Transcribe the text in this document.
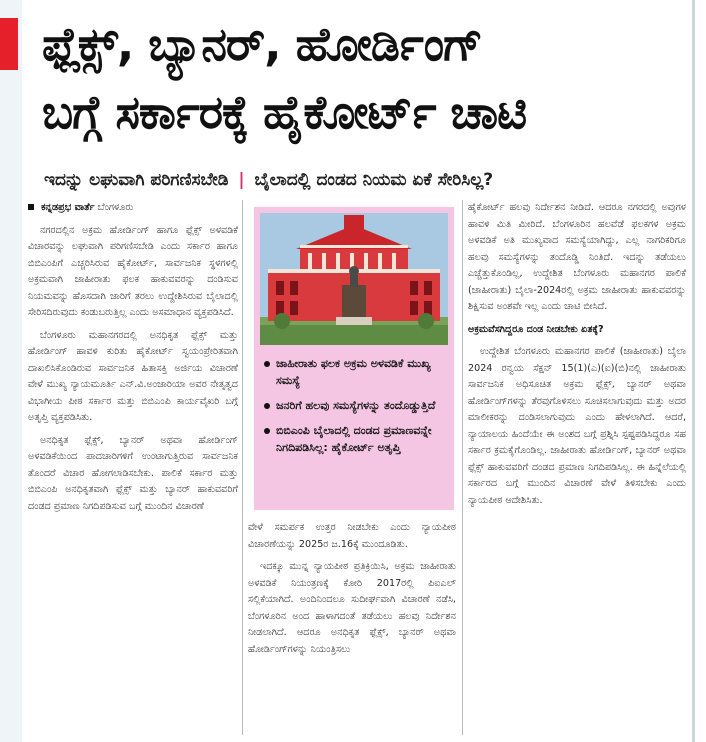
ಫ್ಲೆಕ್ಸ್, ಬ್ಯಾನರ್, ಹೋರ್ಡಿಂಗ್
ಬಗ್ಗೆ ಸರ್ಕಾರಕ್ಕೆ ಹೈಕೋರ್ಟ್ ಚಾಟಿ
ಇದನ್ನು ಲಘುವಾಗಿ ಪರಿಗಣಿಸಬೇಡಿ | ಬೈಲಾದಲ್ಲಿ ದಂಡದ ನಿಯಮ ಏಕೆ ಸೇರಿಸಿಲ್ಲ?

ಕನ್ನಡಪ್ರಭ ವಾರ್ತೆ ಬೆಂಗಳೂರು

ನಗರದಲ್ಲಿನ ಅಕ್ರಮ ಹೋರ್ಡಿಂಗ್ ಹಾಗೂ ಫ್ಲೆಕ್ಸ್ ಅಳವಡಿಕೆ ವಿಚಾರವನ್ನು ಲಘುವಾಗಿ ಪರಿಗಣಿಸಬೇಡಿ ಎಂದು ಸರ್ಕಾರ ಹಾಗೂ ಬಿಬಿಎಂಪಿಗೆ ಎಚ್ಚರಿಸಿರುವ ಹೈಕೋರ್ಟ್, ಸಾರ್ವಜನಿಕ ಸ್ಥಳಗಳಲ್ಲಿ ಅಕ್ರಮವಾಗಿ ಜಾಹೀರಾತು ಫಲಕ ಹಾಕುವವರನ್ನು ದಂಡಿಸುವ ನಿಯಮವನ್ನು ಹೊಸದಾಗಿ ಜಾರಿಗೆ ತರಲು ಉದ್ದೇಶಿಸಿರುವ ಬೈಲಾದಲ್ಲಿ ಸೇರಿಸದಿರುವುದು ಕಂಡುಬರುತ್ತಿಲ್ಲ ಎಂದು ಅಸಮಾಧಾನ ವ್ಯಕ್ತಪಡಿಸಿದೆ.

ಬೆಂಗಳೂರು ಮಹಾನಗರದಲ್ಲಿ ಅನಧಿಕೃತ ಫ್ಲೆಕ್ಸ್ ಮತ್ತು ಹೋರ್ಡಿಂಗ್ ಹಾವಳಿ ಕುರಿತು ಹೈಕೋರ್ಟ್ ಸ್ವಯಂಪ್ರೇರಿತವಾಗಿ ದಾಖಲಿಸಿಕೊಂಡಿರುವ ಸಾರ್ವಜನಿಕ ಹಿತಾಸಕ್ತಿ ಅರ್ಜಿಯ ವಿಚಾರಣೆ ವೇಳೆ ಮುಖ್ಯ ನ್ಯಾಯಮೂರ್ತಿ ಎನ್.ವಿ.ಅಂಜಾರಿಯಾ ಅವರ ನೇತೃತ್ವದ ವಿಭಾಗೀಯ ಪೀಠ ಸರ್ಕಾರ ಮತ್ತು ಬಿಬಿಎಂಪಿ ಕಾರ್ಯವೈಖರಿ ಬಗ್ಗೆ ಅತೃಪ್ತಿ ವ್ಯಕ್ತಪಡಿಸಿತು.

ಅನಧಿಕೃತ ಫ್ಲೆಕ್ಸ್, ಬ್ಯಾನರ್ ಅಥವಾ ಹೋರ್ಡಿಂಗ್ ಅಳವಡಿಕೆಯಿಂದ ಪಾದಚಾರಿಗಳಿಗೆ ಉಂಟಾಗುತ್ತಿರುವ ಸಾರ್ವಜನಿಕ ತೊಂದರೆ ವಿಚಾರ ಹೋಗಲಾಡಿಸಬೇಕು. ಪಾಲಿಕೆ ಸರ್ಕಾರ ಮತ್ತು ಬಿಬಿಎಂಪಿ ಅನಧಿಕೃತವಾಗಿ ಫ್ಲೆಕ್ಸ್ ಮತ್ತು ಬ್ಯಾನರ್ ಹಾಕುವವರಿಗೆ ದಂಡದ ಪ್ರಮಾಣ ನಿಗದಿಪಡಿಸುವ ಬಗ್ಗೆ ಮುಂದಿನ ವಿಚಾರಣೆ

ಜಾಹೀರಾತು ಫಲಕ ಅಕ್ರಮ ಅಳವಡಿಕೆ ಮುಖ್ಯ ಸಮಸ್ಯೆ
ಜನರಿಗೆ ಹಲವು ಸಮಸ್ಯೆಗಳನ್ನು ತಂದೊಡ್ಡುತ್ತಿದೆ
ಬಿಬಿಎಂಪಿ ಬೈಲಾದಲ್ಲಿ ದಂಡದ ಪ್ರಮಾಣವನ್ನೇ ನಿಗದಿಪಡಿಸಿಲ್ಲ: ಹೈಕೋರ್ಟ್ ಅತೃಪ್ತಿ

ವೇಳೆ ಸಮರ್ಪಕ ಉತ್ತರ ನೀಡಬೇಕು ಎಂದು ನ್ಯಾಯಪೀಠ ವಿಚಾರಣೆಯನ್ನು 2025ರ ಜ.16ಕ್ಕೆ ಮುಂದೂಡಿತು.

ಇದಕ್ಕೂ ಮುನ್ನ ನ್ಯಾಯಪೀಠ ಪ್ರತಿಕ್ರಿಯಿಸಿ, ಅಕ್ರಮ ಜಾಹೀರಾತು ಅಳವಡಿಕೆ ನಿಯಂತ್ರಣಕ್ಕೆ ಕೋರಿ 2017ರಲ್ಲಿ ಪಿಐಎಲ್ ಸಲ್ಲಿಕೆಯಾಗಿದೆ. ಅಂದಿನಿಂದಲೂ ಸುದೀರ್ಘವಾಗಿ ವಿಚಾರಣೆ ನಡೆಸಿ, ಬೆಂಗಳೂರಿನ ಅಂದ ಹಾಳಾಗದಂತೆ ತಡೆಯಲು ಹಲವು ನಿರ್ದೇಶನ ನೀಡಲಾಗಿದೆ. ಆದರೂ ಅನಧಿಕೃತ ಫ್ಲೆಕ್ಸ್, ಬ್ಯಾನರ್ ಅಥವಾ ಹೋರ್ಡಿಂಗ್‌ಗಳನ್ನು ನಿಯಂತ್ರಿಸಲು

ಹೈಕೋರ್ಟ್ ಹಲವು ನಿರ್ದೇಶನ ನೀಡಿದೆ. ಆದರೂ ನಗರದಲ್ಲಿ ಅವುಗಳ ಹಾವಳಿ ಮಿತಿ ಮೀರಿದೆ. ಬೆಂಗಳೂರಿನ ಹಲವೆಡೆ ಫಲಕಗಳ ಅಕ್ರಮ ಅಳವಡಿಕೆ ಅತಿ ಮುಖ್ಯವಾದ ಸಮಸ್ಯೆಯಾಗಿದ್ದು, ಎಲ್ಲ ನಾಗರಿಕರಿಗೂ ಹಲವು ಸಮಸ್ಯೆಗಳನ್ನು ತಂದೊಡ್ಡಿ ನಿಂತಿದೆ. ಇದನ್ನು ತಡೆಯಲು ಎಚ್ಚೆತ್ತುಕೊಂಡಿಲ್ಲ, ಉದ್ದೇಶಿತ ಬೆಂಗಳೂರು ಮಹಾನಗರ ಪಾಲಿಕೆ (ಜಾಹೀರಾತು) ಬೈಲಾ-2024ರಲ್ಲಿ ಅಕ್ರಮ ಜಾಹೀರಾತು ಹಾಕುವವರನ್ನು ಶಿಕ್ಷಿಸುವ ಅಂಶವೇ ಇಲ್ಲ ಎಂದು ಚಾಟಿ ಬೀಸಿದೆ.

ಅಕ್ರಮವೆಸಗಿದ್ದರೂ ದಂಡ ನೀಡಬೇಕು ಏತಕ್ಕೆ?

ಉದ್ದೇಶಿತ ಬೆಂಗಳೂರು ಮಹಾನಗರ ಪಾಲಿಕೆ (ಜಾಹೀರಾತು) ಬೈಲಾ 2024 ರನ್ವಯ ಸೆಕ್ಷನ್ 15(1)(ಎ)(ಐ)(ಬಿ)ನಲ್ಲಿ ಜಾಹೀರಾತು ಸಾರ್ವಜನಿಕ ಅಧಿಸೂಚಿತ ಅಕ್ರಮ ಫ್ಲೆಕ್ಸ್, ಬ್ಯಾನರ್‌ ಅಥವಾ ಹೋರ್ಡಿಂಗ್‌ಗಳನ್ನು ತೆರವುಗೊಳಿಸಲು ಸೂಚಿಸಲಾಗುವುದು ಮತ್ತು ಅದರ ಮಾಲೀಕರನ್ನು ದಂಡಿಸಲಾಗುವುದು ಎಂದು ಹೇಳಲಾಗಿದೆ. ಆದರೆ, ನ್ಯಾಯಾಲಯ ಹಿಂದೆಯೇ ಈ ಅಂಶದ ಬಗ್ಗೆ ಪ್ರಶ್ನಿಸಿ ಸ್ಪಷ್ಟಪಡಿಸಿದ್ದರೂ ಸಹ ಸರ್ಕಾರ ಕ್ರಮಕೈಗೊಂಡಿಲ್ಲ. ಜಾಹೀರಾತು ಹೋರ್ಡಿಂಗ್, ಬ್ಯಾನರ್ ಅಥವಾ ಫ್ಲೆಕ್ಸ್ ಹಾಕುವವರಿಗೆ ದಂಡದ ಪ್ರಮಾಣ ನಿಗದಿಪಡಿಸಿಲ್ಲ. ಈ ಹಿನ್ನೆಲೆಯಲ್ಲಿ ಸರ್ಕಾರದ ಬಗ್ಗೆ ಮುಂದಿನ ವಿಚಾರಣೆ ವೇಳೆ ತಿಳಿಸಬೇಕು ಎಂದು ನ್ಯಾಯಪೀಠ ಆದೇಶಿಸಿತು.
